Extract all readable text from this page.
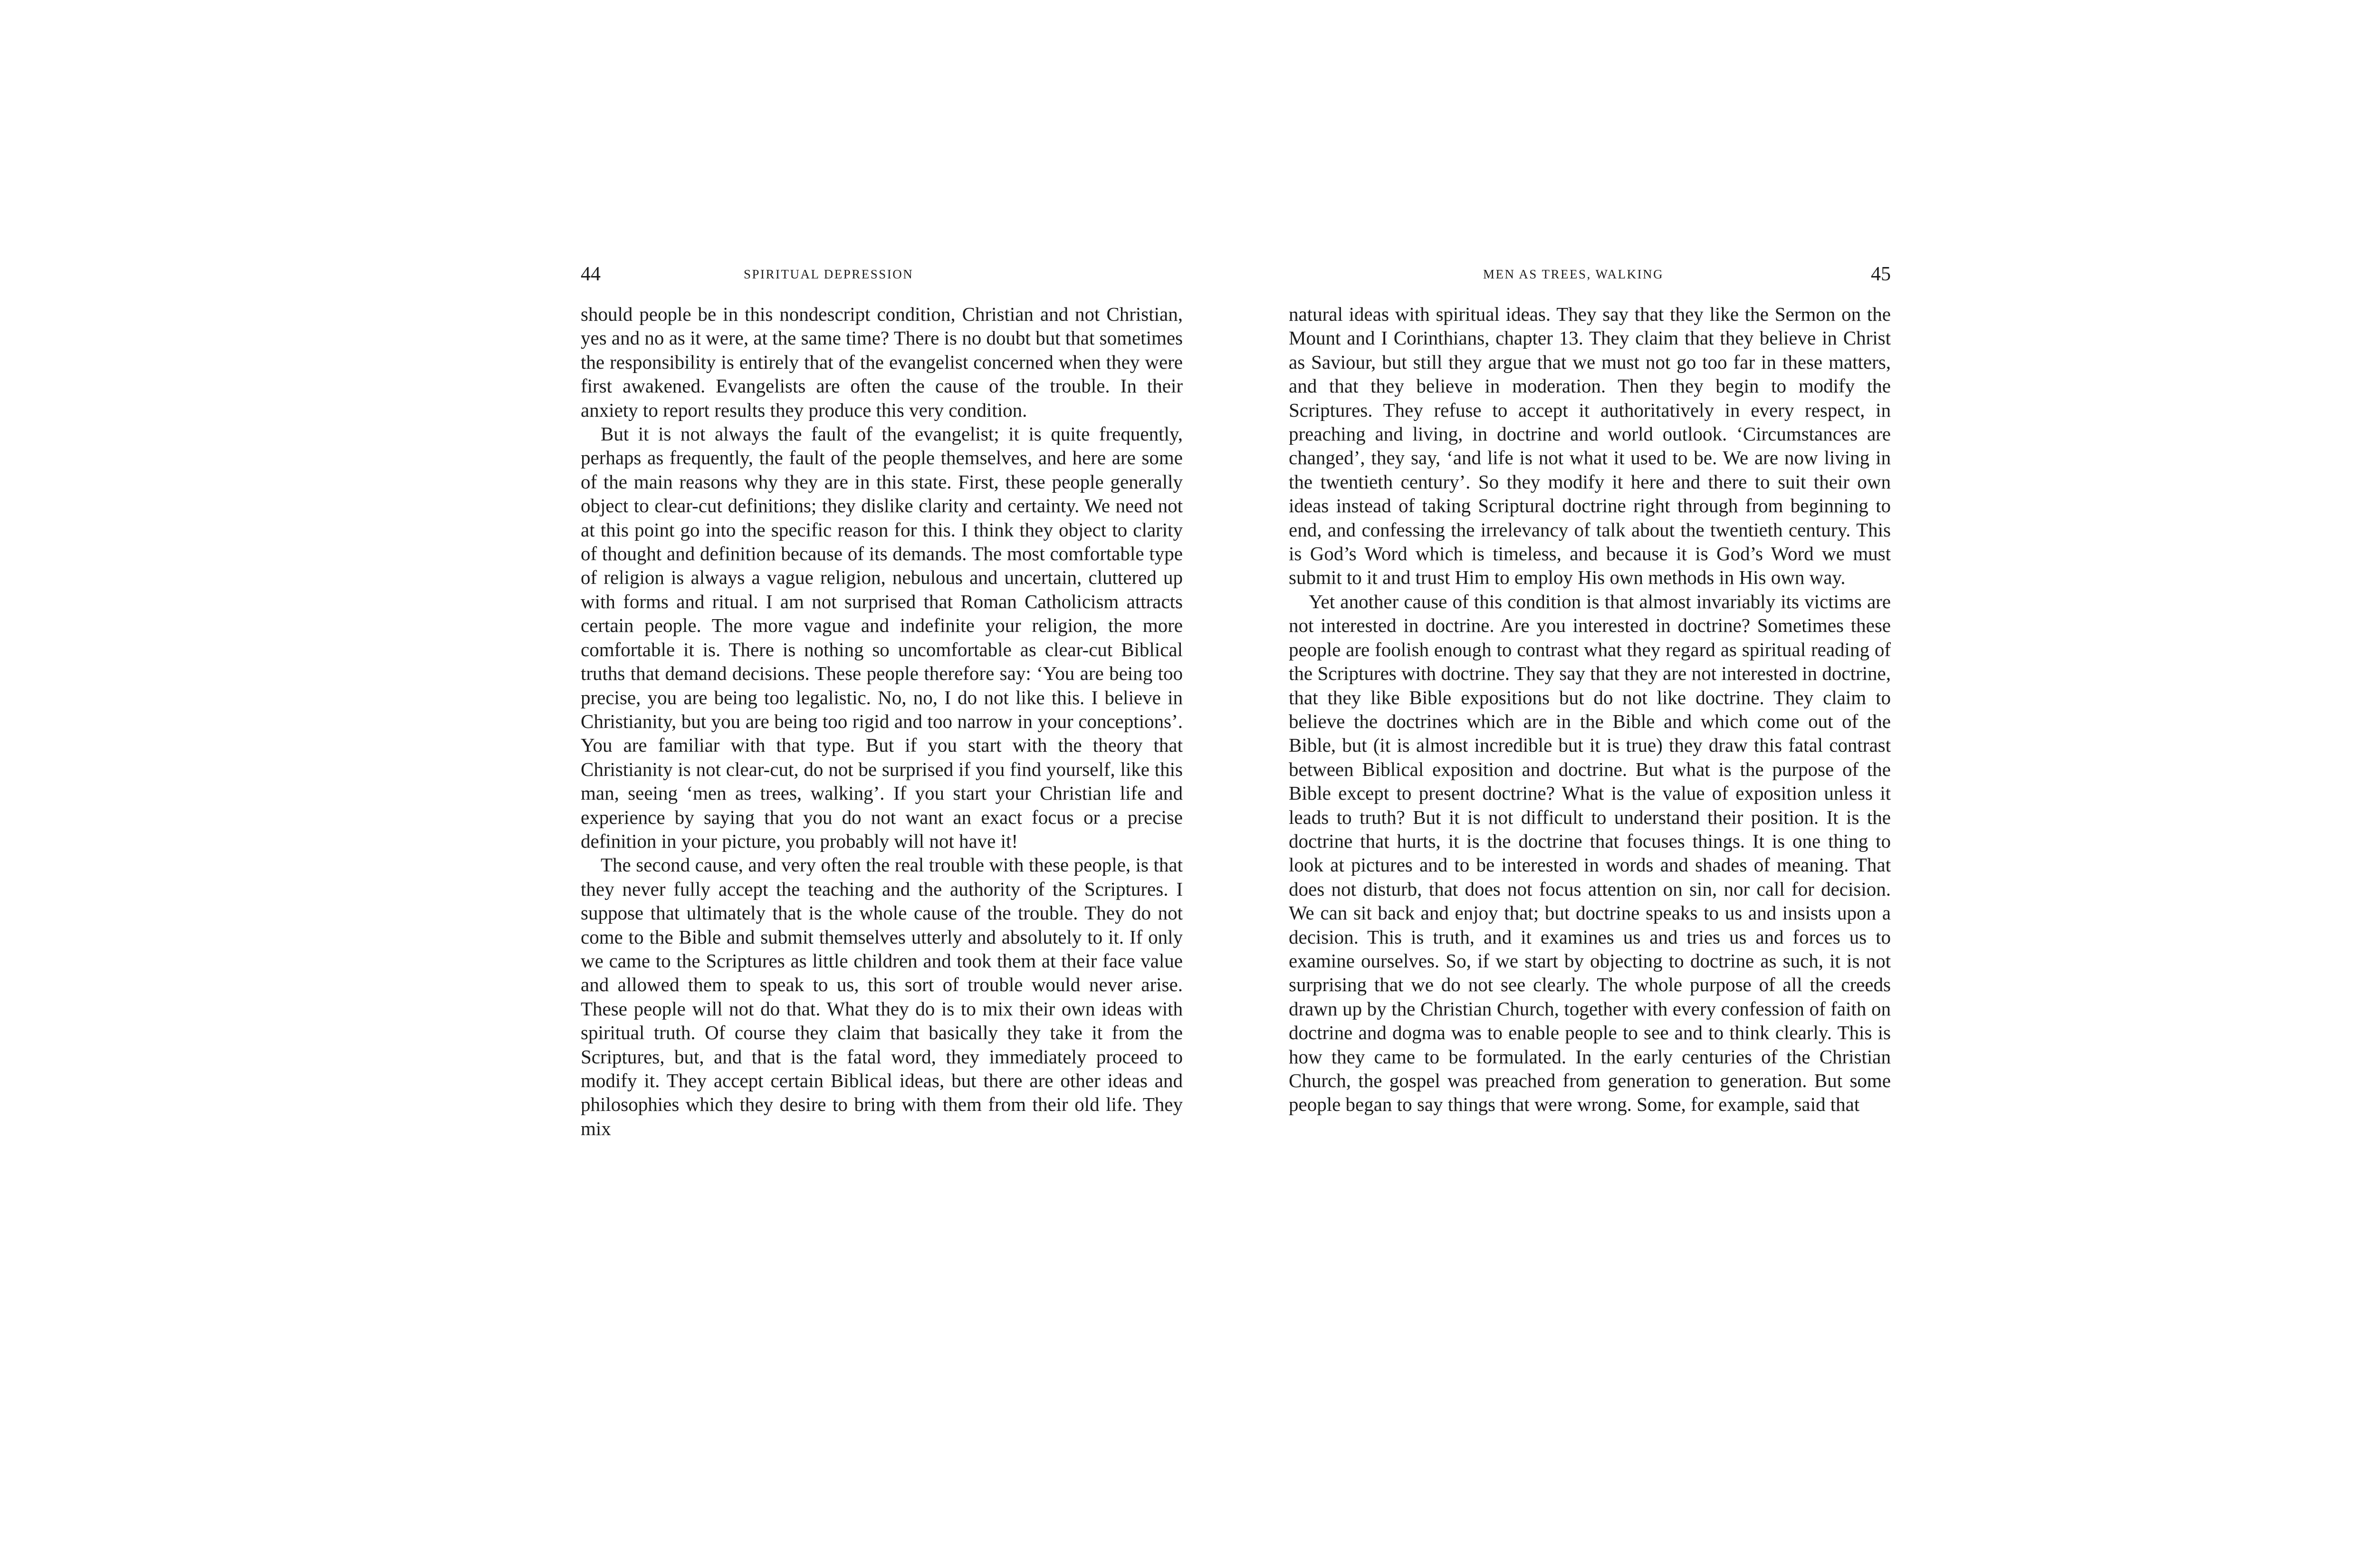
44	SPIRITUAL DEPRESSION

should people be in this nondescript condition, Christian and not Christian, yes and no as it were, at the same time? There is no doubt but that sometimes the responsibility is entirely that of the evangelist concerned when they were first awakened. Evangelists are often the cause of the trouble. In their anxiety to report results they produce this very condition.

But it is not always the fault of the evangelist; it is quite frequently, perhaps as frequently, the fault of the people themselves, and here are some of the main reasons why they are in this state. First, these people generally object to clear-cut definitions; they dislike clarity and certainty. We need not at this point go into the specific reason for this. I think they object to clarity of thought and definition because of its demands. The most comfortable type of religion is always a vague religion, nebulous and uncertain, cluttered up with forms and ritual. I am not surprised that Roman Catholicism attracts certain people. The more vague and indefinite your religion, the more comfortable it is. There is nothing so uncomfortable as clear-cut Biblical truths that demand decisions. These people therefore say: ‘You are being too precise, you are being too legalistic. No, no, I do not like this. I believe in Christianity, but you are being too rigid and too narrow in your conceptions’. You are familiar with that type. But if you start with the theory that Christianity is not clear-cut, do not be surprised if you find yourself, like this man, seeing ‘men as trees, walking’. If you start your Christian life and experience by saying that you do not want an exact focus or a precise definition in your picture, you probably will not have it!

The second cause, and very often the real trouble with these people, is that they never fully accept the teaching and the authority of the Scriptures. I suppose that ultimately that is the whole cause of the trouble. They do not come to the Bible and submit themselves utterly and absolutely to it. If only we came to the Scriptures as little children and took them at their face value and allowed them to speak to us, this sort of trouble would never arise. These people will not do that. What they do is to mix their own ideas with spiritual truth. Of course they claim that basically they take it from the Scriptures, but, and that is the fatal word, they immediately proceed to modify it. They accept certain Biblical ideas, but there are other ideas and philosophies which they desire to bring with them from their old life. They mix

MEN AS TREES, WALKING	45

natural ideas with spiritual ideas. They say that they like the Sermon on the Mount and I Corinthians, chapter 13. They claim that they believe in Christ as Saviour, but still they argue that we must not go too far in these matters, and that they believe in moderation. Then they begin to modify the Scriptures. They refuse to accept it authoritatively in every respect, in preaching and living, in doctrine and world outlook. ‘Circumstances are changed’, they say, ‘and life is not what it used to be. We are now living in the twentieth century’. So they modify it here and there to suit their own ideas instead of taking Scriptural doctrine right through from beginning to end, and confessing the irrelevancy of talk about the twentieth century. This is God’s Word which is timeless, and because it is God’s Word we must submit to it and trust Him to employ His own methods in His own way.

Yet another cause of this condition is that almost invariably its victims are not interested in doctrine. Are you interested in doctrine? Sometimes these people are foolish enough to contrast what they regard as spiritual reading of the Scriptures with doctrine. They say that they are not interested in doctrine, that they like Bible expositions but do not like doctrine. They claim to believe the doctrines which are in the Bible and which come out of the Bible, but (it is almost incredible but it is true) they draw this fatal contrast between Biblical exposition and doctrine. But what is the purpose of the Bible except to present doctrine? What is the value of exposition unless it leads to truth? But it is not difficult to understand their position. It is the doctrine that hurts, it is the doctrine that focuses things. It is one thing to look at pictures and to be interested in words and shades of meaning. That does not disturb, that does not focus attention on sin, nor call for decision. We can sit back and enjoy that; but doctrine speaks to us and insists upon a decision. This is truth, and it examines us and tries us and forces us to examine ourselves. So, if we start by objecting to doctrine as such, it is not surprising that we do not see clearly. The whole purpose of all the creeds drawn up by the Christian Church, together with every confession of faith on doctrine and dogma was to enable people to see and to think clearly. This is how they came to be formulated. In the early centuries of the Christian Church, the gospel was preached from generation to generation. But some people began to say things that were wrong. Some, for example, said that
